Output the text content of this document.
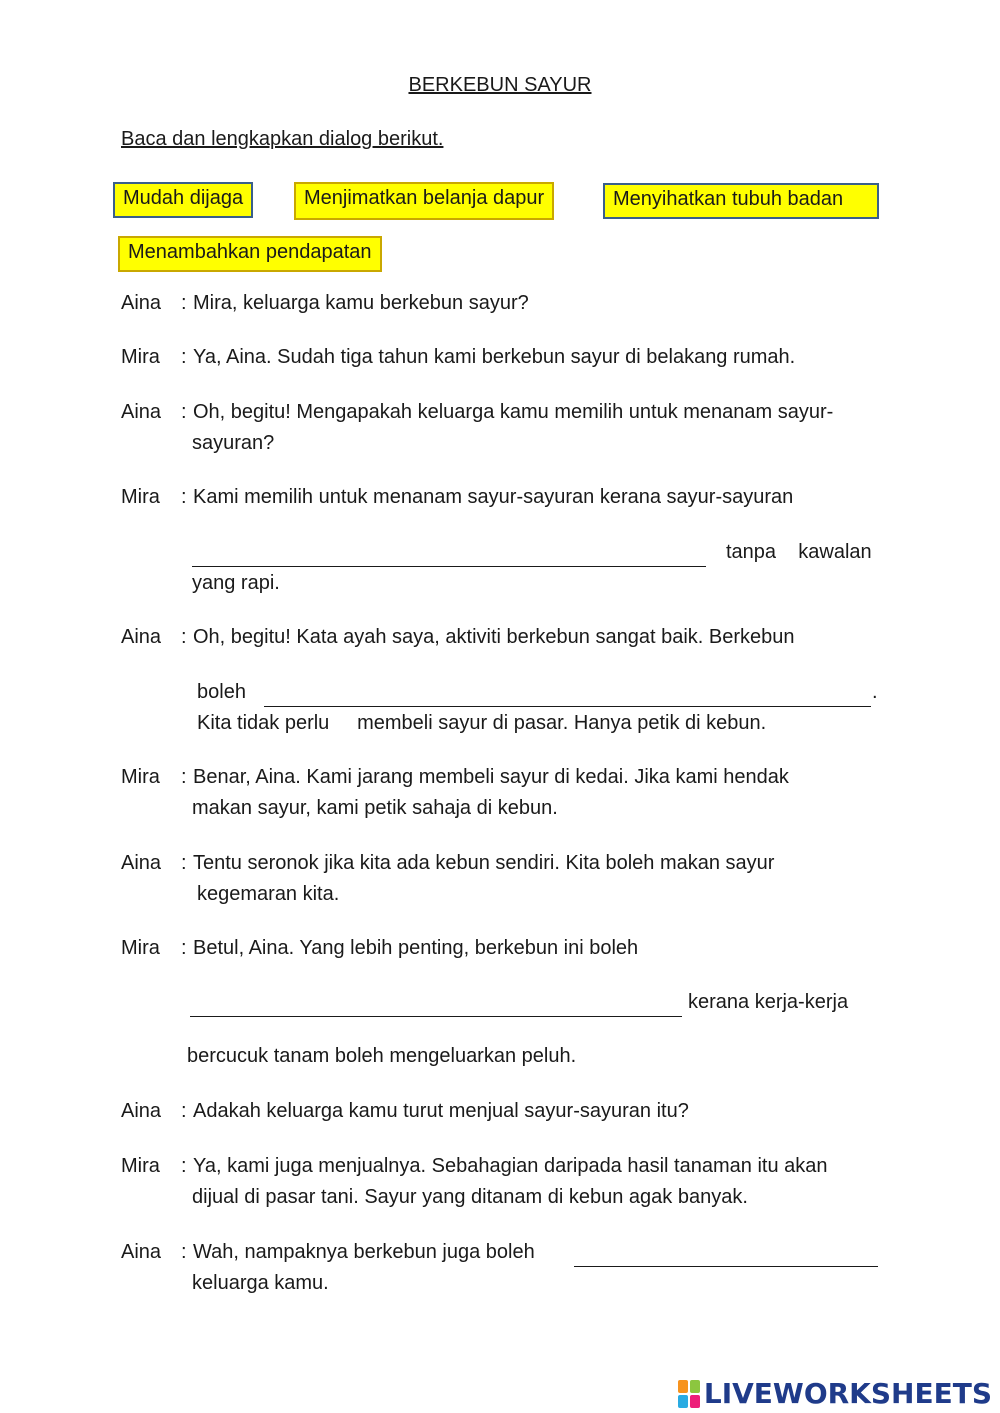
BERKEBUN SAYUR
Baca dan lengkapkan dialog berikut.
Mudah dijaga	Menjimatkan belanja dapur	Menyihatkan tubuh badan
Menambahkan pendapatan
Aina : Mira, keluarga kamu berkebun sayur?
Mira : Ya, Aina. Sudah tiga tahun kami berkebun sayur di belakang rumah.
Aina : Oh, begitu! Mengapakah keluarga kamu memilih untuk menanam sayur-
sayuran?
Mira : Kami memilih untuk menanam sayur-sayuran kerana sayur-sayuran
tanpa    kawalan
yang rapi.
Aina : Oh, begitu! Kata ayah saya, aktiviti berkebun sangat baik. Berkebun
boleh	.
Kita tidak perlu     membeli sayur di pasar. Hanya petik di kebun.
Mira : Benar, Aina. Kami jarang membeli sayur di kedai. Jika kami hendak
makan sayur, kami petik sahaja di kebun.
Aina : Tentu seronok jika kita ada kebun sendiri. Kita boleh makan sayur
kegemaran kita.
Mira : Betul, Aina. Yang lebih penting, berkebun ini boleh
kerana kerja-kerja
bercucuk tanam boleh mengeluarkan peluh.
Aina : Adakah keluarga kamu turut menjual sayur-sayuran itu?
Mira : Ya, kami juga menjualnya. Sebahagian daripada hasil tanaman itu akan
dijual di pasar tani. Sayur yang ditanam di kebun agak banyak.
Aina : Wah, nampaknya berkebun juga boleh
keluarga kamu.
LIVEWORKSHEETS
